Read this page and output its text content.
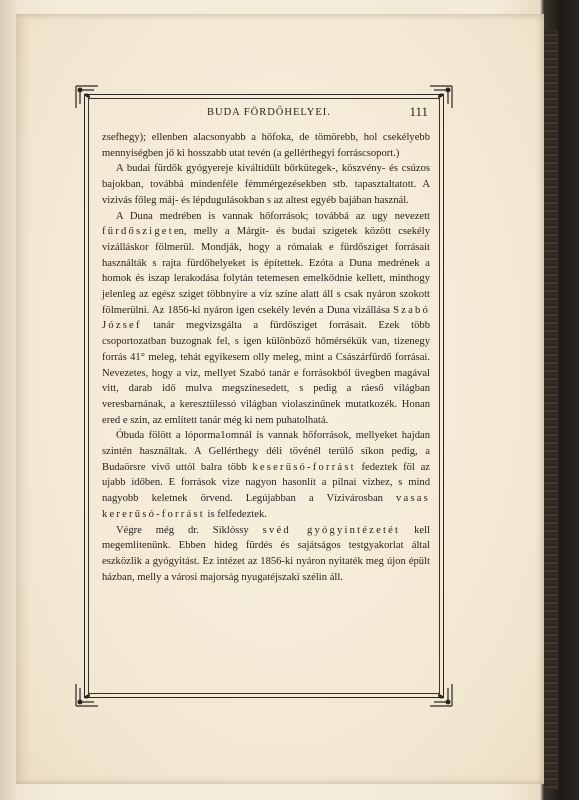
BUDA FÖRDŐHELYEI.	111

zsefhegy); ellenben alacsonyabb a hőfoka, de tömörebb, hol csekélyebb mennyiségben jő ki hosszabb utat tevén (a gellérthegyi forráscsoport.)

A budai fürdők gyógyereje kiváltidült bőrkütegek-, köszvény- és csúzos bajokban, továbbá mindenféle fémmérgezésekben stb. tapasztaltatott. A vizivás főleg máj- és lépdugulásokban s az altest egyéb bajában használ.

A Duna medrében is vannak hőforrások; továbbá az ugy nevezett fürdőszigeten, melly a Márgit- és budai szigetek között csekély vizálláskor fölmerül. Mondják, hogy a rómaiak e fürdősziget forrásait használták s rajta fürdőhelyeket is építettek. Ezóta a Duna medrének a homok és iszap lerakodása folytán tetemesen emelkődnie kellett, minthogy jelenleg az egész sziget többnyire a viz színe alatt áll s csak nyáron szokott fölmerülni. Az 1856-ki nyáron igen csekély levén a Duna vizállása Szabó József tanár megvizsgálta a fürdősziget forrásait. Ezek több csoportozatban buzognak fel, s igen különböző hőmérsékük van, tizenegy forrás 41° meleg, tehát egyikesem olly meleg, mint a Császárfürdő forrásai. Nevezetes, hogy a viz, mellyet Szabó tanár e forrásokból üvegben magával vitt, darab idő mulva megszínesedett, s pedig a ráeső világban veresbarnának, a keresztülessó világban violaszinűnek mutatkozék. Honan ered e szin, az említett tanár még ki nem puhatolhatá.

Óbuda fölött a lóporma1omnál is vannak hőforrások, mellyeket hajdan szintén használtak. A Gellérthegy déli tövénél terülő síkon pedig, a Budaörsre vivő uttól balra több keserűsó-forrást fedeztek föl az ujabb időben. E források vize nagyon hasonlít a pilnai vizhez, s mind nagyobb keletnek örvend. Legújabban a Vízivárosban vasas kererűsó-forrást is felfedeztek.

Végre még dr. Siklóssy svéd gyógyintézetét kell megemlitenünk. Ebben hideg fürdés és sajátságos testgyakorlat által eszközlik a gyógyitást. Ez intézet az 1856-ki nyáron nyitaték meg újon épült házban, melly a városi majorság nyugatéjszaki szélin áll.
